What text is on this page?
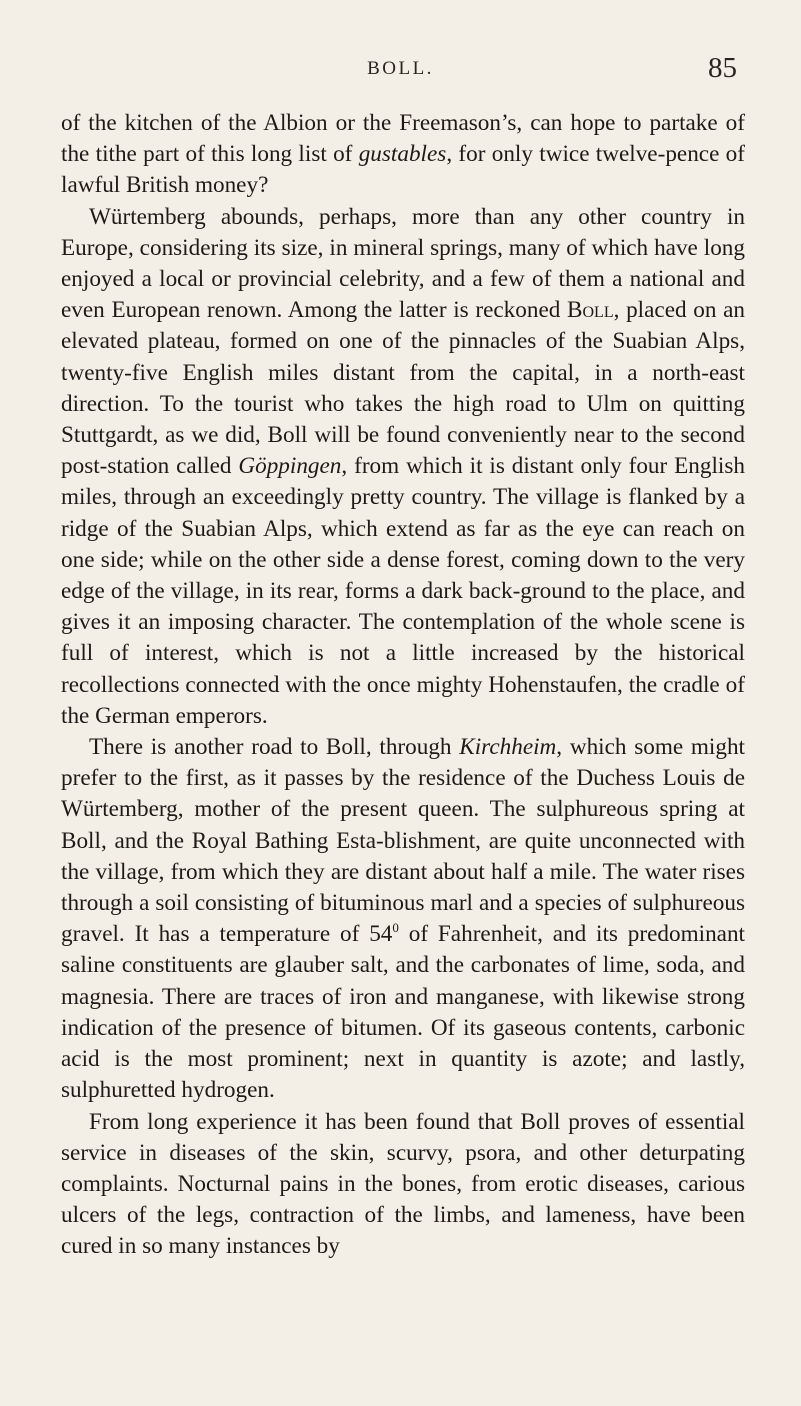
BOLL.	85

of the kitchen of the Albion or the Freemason’s, can hope to partake of the tithe part of this long list of gustables, for only twice twelve-pence of lawful British money?

Würtemberg abounds, perhaps, more than any other country in Europe, considering its size, in mineral springs, many of which have long enjoyed a local or provincial celebrity, and a few of them a national and even European renown. Among the latter is reckoned Boll, placed on an elevated plateau, formed on one of the pinnacles of the Suabian Alps, twenty-five English miles distant from the capital, in a north-east direction. To the tourist who takes the high road to Ulm on quitting Stuttgardt, as we did, Boll will be found conveniently near to the second post-station called Göppingen, from which it is distant only four English miles, through an exceedingly pretty country. The village is flanked by a ridge of the Suabian Alps, which extend as far as the eye can reach on one side; while on the other side a dense forest, coming down to the very edge of the village, in its rear, forms a dark back-ground to the place, and gives it an imposing character. The contemplation of the whole scene is full of interest, which is not a little increased by the historical recollections connected with the once mighty Hohenstaufen, the cradle of the German emperors.

There is another road to Boll, through Kirchheim, which some might prefer to the first, as it passes by the residence of the Duchess Louis de Würtemberg, mother of the present queen. The sulphureous spring at Boll, and the Royal Bathing Esta-blishment, are quite unconnected with the village, from which they are distant about half a mile. The water rises through a soil consisting of bituminous marl and a species of sulphureous gravel. It has a temperature of $54^0$ of Fahrenheit, and its predominant saline constituents are glauber salt, and the carbonates of lime, soda, and magnesia. There are traces of iron and manganese, with likewise strong indication of the presence of bitumen. Of its gaseous contents, carbonic acid is the most prominent; next in quantity is azote; and lastly, sulphuretted hydrogen.

From long experience it has been found that Boll proves of essential service in diseases of the skin, scurvy, psora, and other deturpating complaints. Nocturnal pains in the bones, from erotic diseases, carious ulcers of the legs, contraction of the limbs, and lameness, have been cured in so many instances by
